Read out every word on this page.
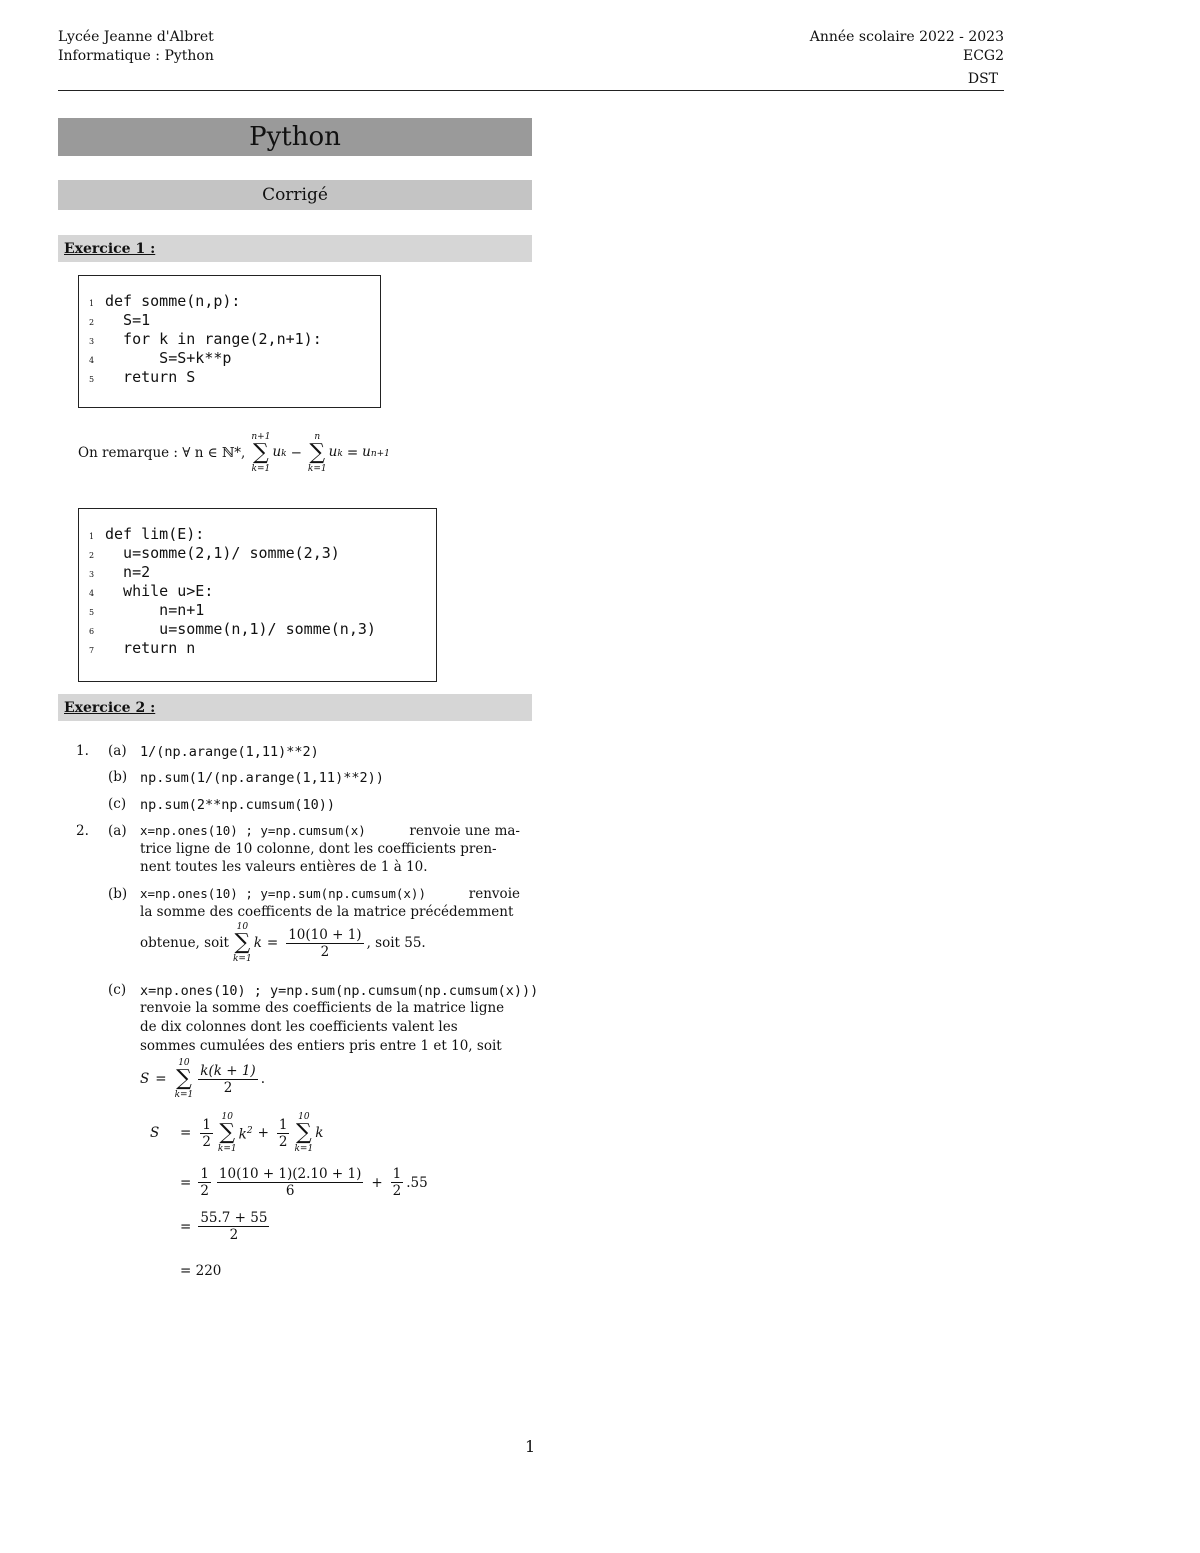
Lycée Jeanne d'Albret
Informatique : Python
Année scolaire 2022 - 2023
ECG2
DST
Python
Corrigé
Exercice 1 :
1 def somme(n,p):
2 S=1
3 for k in range(2,n+1):
4 S=S+k**p
5 return S
On remarque : ∀ n ∈ ℕ*,
n+1
∑
k=1
uk −
n
∑
k=1
uk = un+1
1 def lim(E):
2 u=somme(2,1)/ somme(2,3)
3 n=2
4 while u>E:
5 n=n+1
6 u=somme(n,1)/ somme(n,3)
7 return n
Exercice 2 :
1. (a) 1/(np.arange(1,11)**2)
(b) np.sum(1/(np.arange(1,11)**2))
(c) np.sum(2**np.cumsum(10))
2. (a) x=np.ones(10) ; y=np.cumsum(x)	renvoie une ma-
trice ligne de 10 colonne, dont les coefficients pren-
nent toutes les valeurs entières de 1 à 10.
(b) x=np.ones(10) ; y=np.sum(np.cumsum(x))	renvoie
la somme des coefficents de la matrice précédemment
obtenue, soit
10
∑
k=1
$k = \frac{10(10 + 1)}{2}$ , soit 55.
(c) x=np.ones(10) ; y=np.sum(np.cumsum(np.cumsum(x)))
renvoie la somme des coefficients de la matrice ligne
de dix colonnes dont les coefficients valent les
sommes cumulées des entiers pris entre 1 et 10, soit
S =
10
∑
$k=1 \frac{k(k + 1)}{2}$ .
S	= $\frac{1}{2} 10$
∑
k=1
$k^2 + \frac{1}{2} 10$
∑
k=1
k
= $\frac{1}{2} \frac{10(10 + 1)(2.10 + 1)}{6} + \frac{1}{2} .55$
= $\frac{55.7 + 55}{2}$
= 220
1
